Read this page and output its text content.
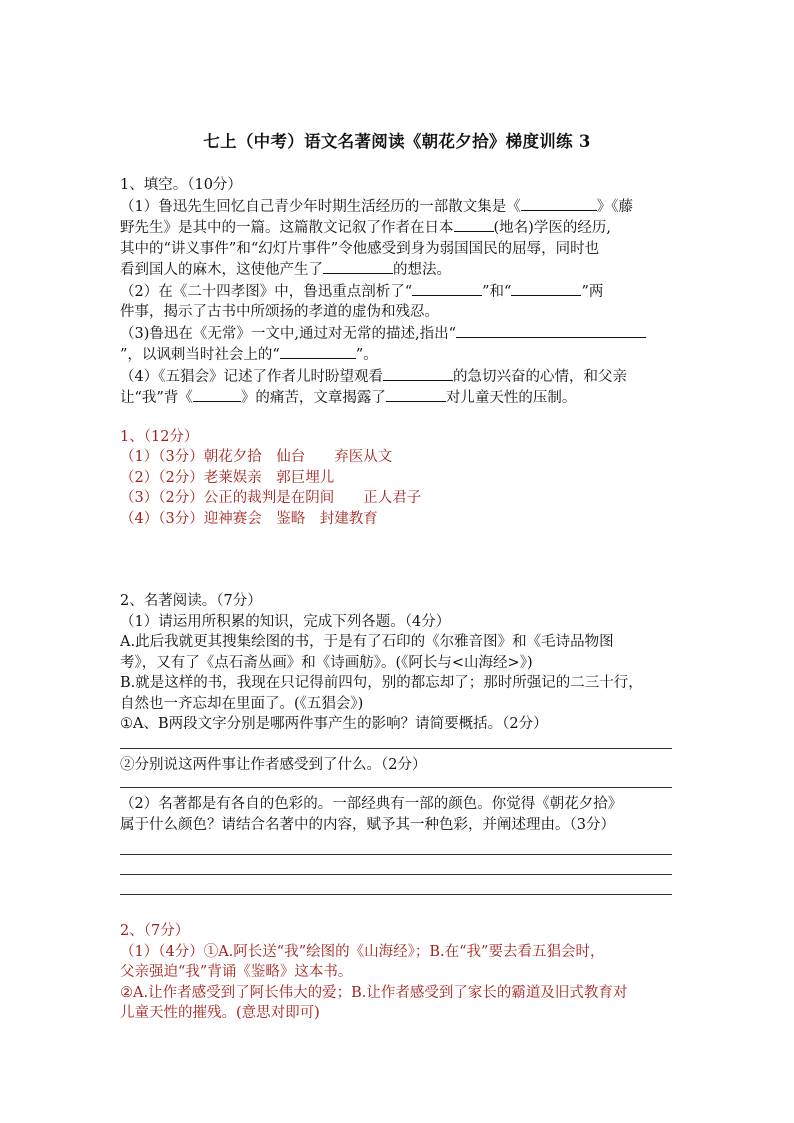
七上（中考）语文名著阅读《朝花夕拾》梯度训练 3
1、填空。（10分）
（1）鲁迅先生回忆自己青少年时期生活经历的一部散文集是《	》《藤
野先生》是其中的一篇。这篇散文记叙了作者在日本	(地名)学医的经历,
其中的“讲义事件”和“幻灯片事件”令他感受到身为弱国国民的屈辱，同时也
看到国人的麻木，这使他产生了	的想法。
（2）在《二十四孝图》中，鲁迅重点剖析了“	”和“	”两
件事，揭示了古书中所颂扬的孝道的虚伪和残忍。
（3)鲁迅在《无常》一文中,通过对无常的描述,指出“
”，以讽刺当时社会上的“	”。
（4）《五猖会》记述了作者儿时盼望观看	的急切兴奋的心情，和父亲
让“我”背《	》的痛苦，文章揭露了	对儿童天性的压制。
1、（12分）
（1）（3分）朝花夕拾　仙台　　弃医从文
（2）（2分）老莱娱亲　郭巨埋儿
（3）（2分）公正的裁判是在阴间　　正人君子
（4）（3分）迎神赛会　鉴略　封建教育
2、名著阅读。（7分）
（1）请运用所积累的知识，完成下列各题。（4分）
A.此后我就更其搜集绘图的书，于是有了石印的《尔雅音图》和《毛诗品物图
考》，又有了《点石斋丛画》和《诗画舫》。(《阿长与<山海经>》)
B.就是这样的书，我现在只记得前四句，别的都忘却了；那时所强记的二三十行，
自然也一齐忘却在里面了。(《五猖会》)
①A、B两段文字分别是哪两件事产生的影响？请简要概括。（2分）
②分别说这两件事让作者感受到了什么。（2分）
（2）名著都是有各自的色彩的。一部经典有一部的颜色。你觉得《朝花夕拾》
属于什么颜色？请结合名著中的内容，赋予其一种色彩，并阐述理由。（3分）
2、（7分）
（1）（4分）①A.阿长送“我”绘图的《山海经》；B.在“我”要去看五猖会时，
父亲强迫“我”背诵《鉴略》这本书。
②A.让作者感受到了阿长伟大的爱；B.让作者感受到了家长的霸道及旧式教育对
儿童天性的摧残。(意思对即可)
